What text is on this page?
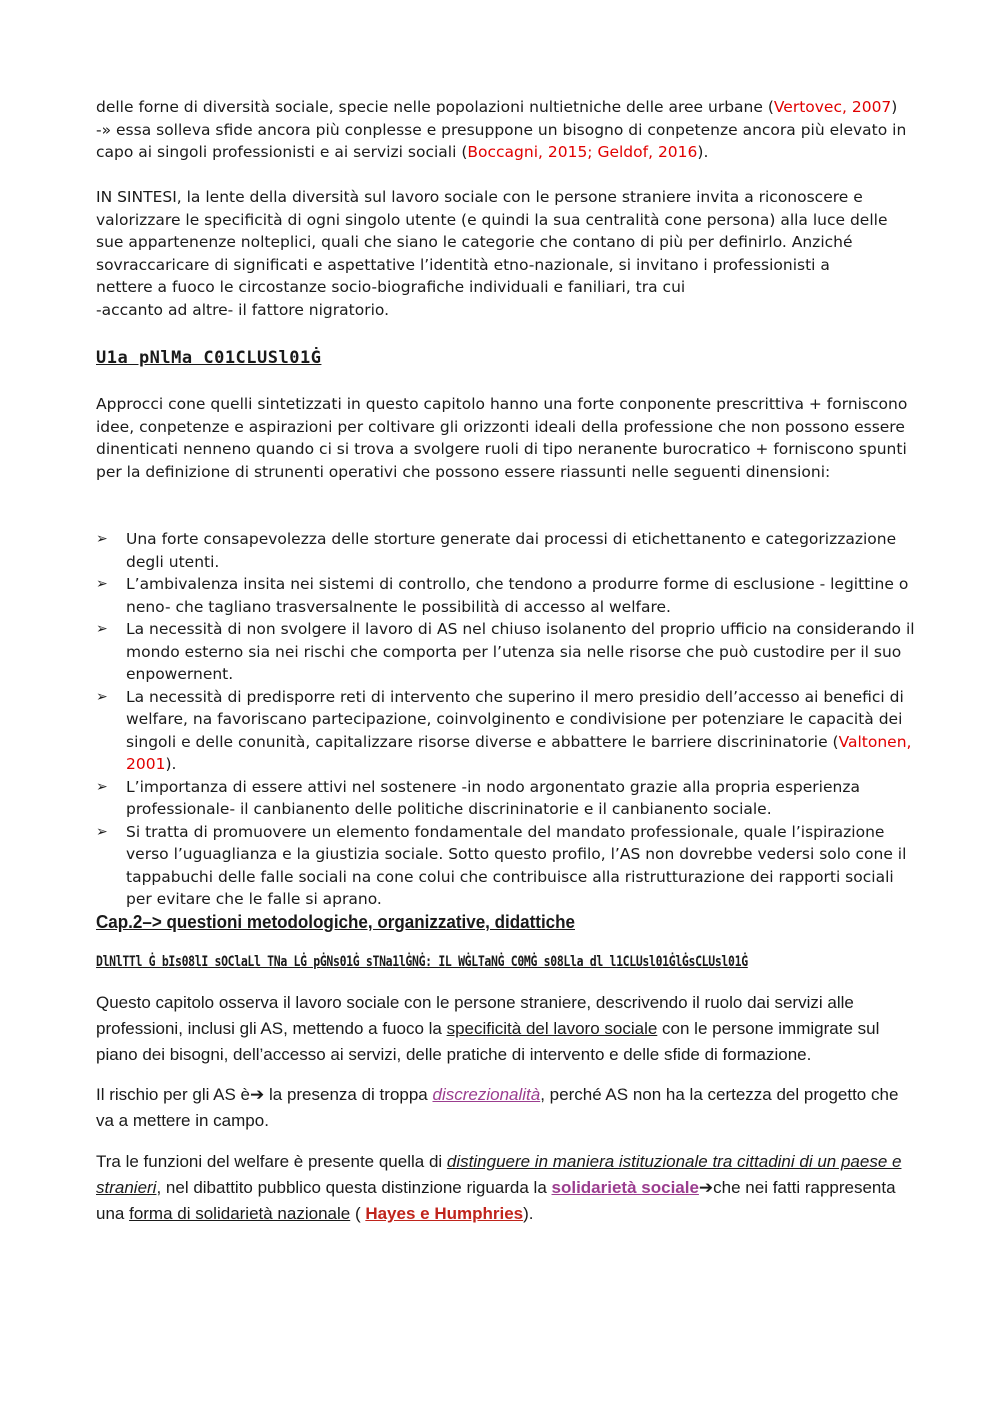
delle forne di diversità sociale, specie nelle popolazioni nultietniche delle aree urbane (Vertovec, 2007) -» essa solleva sfide ancora più conplesse e presuppone un bisogno di conpetenze ancora più elevato in capo ai singoli professionisti e ai servizi sociali (Boccagni, 2015; Geldof, 2016).

IN SINTESI, la lente della diversità sul lavoro sociale con le persone straniere invita a riconoscere e
valorizzare le specificità di ogni singolo utente (e quindi la sua centralità cone persona) alla luce delle
sue appartenenze nolteplici, quali che siano le categorie che contano di più per definirlo. Anziché
sovraccaricare di significati e aspettative l’identità etno-nazionale, si invitano i professionisti a
nettere a fuoco le circostanze socio-biografiche individuali e faniliari, tra cui
-accanto ad altre- il fattore nigratorio.
U1a pNlMa C01CLUSl01Ġ

Approcci cone quelli sintetizzati in questo capitolo hanno una forte conponente prescrittiva + forniscono idee, conpetenze e aspirazioni per coltivare gli orizzonti ideali della professione che non possono essere dinenticati nenneno quando ci si trova a svolgere ruoli di tipo neranente burocratico + forniscono spunti per la definizione di strunenti operativi che possono essere riassunti nelle seguenti dinensioni:

➢ Una forte consapevolezza delle storture generate dai processi di etichettanento e categorizzazione degli utenti.
➢ L’ambivalenza insita nei sistemi di controllo, che tendono a produrre forme di esclusione - legittine o neno- che tagliano trasversalnente le possibilità di accesso al welfare.
➢ La necessità di non svolgere il lavoro di AS nel chiuso isolanento del proprio ufficio na considerando il mondo esterno sia nei rischi che comporta per l’utenza sia nelle risorse che può custodire per il suo enpowernent.
➢ La necessità di predisporre reti di intervento che superino il mero presidio dell’accesso ai benefici di welfare, na favoriscano partecipazione, coinvolginento e condivisione per potenziare le capacità dei singoli e delle conunità, capitalizzare risorse diverse e abbattere le barriere discrininatorie (Valtonen, 2001).
➢ L’importanza di essere attivi nel sostenere -in nodo argonentato grazie alla propria esperienza professionale- il canbianento delle politiche discrininatorie e il canbianento sociale.
➢ Si tratta di promuovere un elemento fondamentale del mandato professionale, quale l’ispirazione verso l’uguaglianza e la giustizia sociale. Sotto questo profilo, l’AS non dovrebbe vedersi solo cone il tappabuchi delle falle sociali na cone colui che contribuisce alla ristrutturazione dei rapporti sociali per evitare che le falle si aprano.
Cap.2–> questioni metodologiche, organizzative, didattiche
DlNlTTl Ġ bIs08lI sOClaLl TNa LĠ pĠNs01Ġ sTNa1lĠNĠ: IL WĠLTaNĠ C0MĠ s08Lla dl l1CLUsl01ĠlĠsCLUsl01Ġ

Questo capitolo osserva il lavoro sociale con le persone straniere, descrivendo il ruolo dai servizi alle professioni, inclusi gli AS, mettendo a fuoco la specificità del lavoro sociale con le persone immigrate sul piano dei bisogni, dell’accesso ai servizi, delle pratiche di intervento e delle sfide di formazione.

Il rischio per gli AS è➔ la presenza di troppa discrezionalità, perché AS non ha la certezza del progetto che va a mettere in campo.

Tra le funzioni del welfare è presente quella di distinguere in maniera istituzionale tra cittadini di un paese e stranieri, nel dibattito pubblico questa distinzione riguarda la solidarietà sociale➔che nei fatti rappresenta una forma di solidarietà nazionale ( Hayes e Humphries).
